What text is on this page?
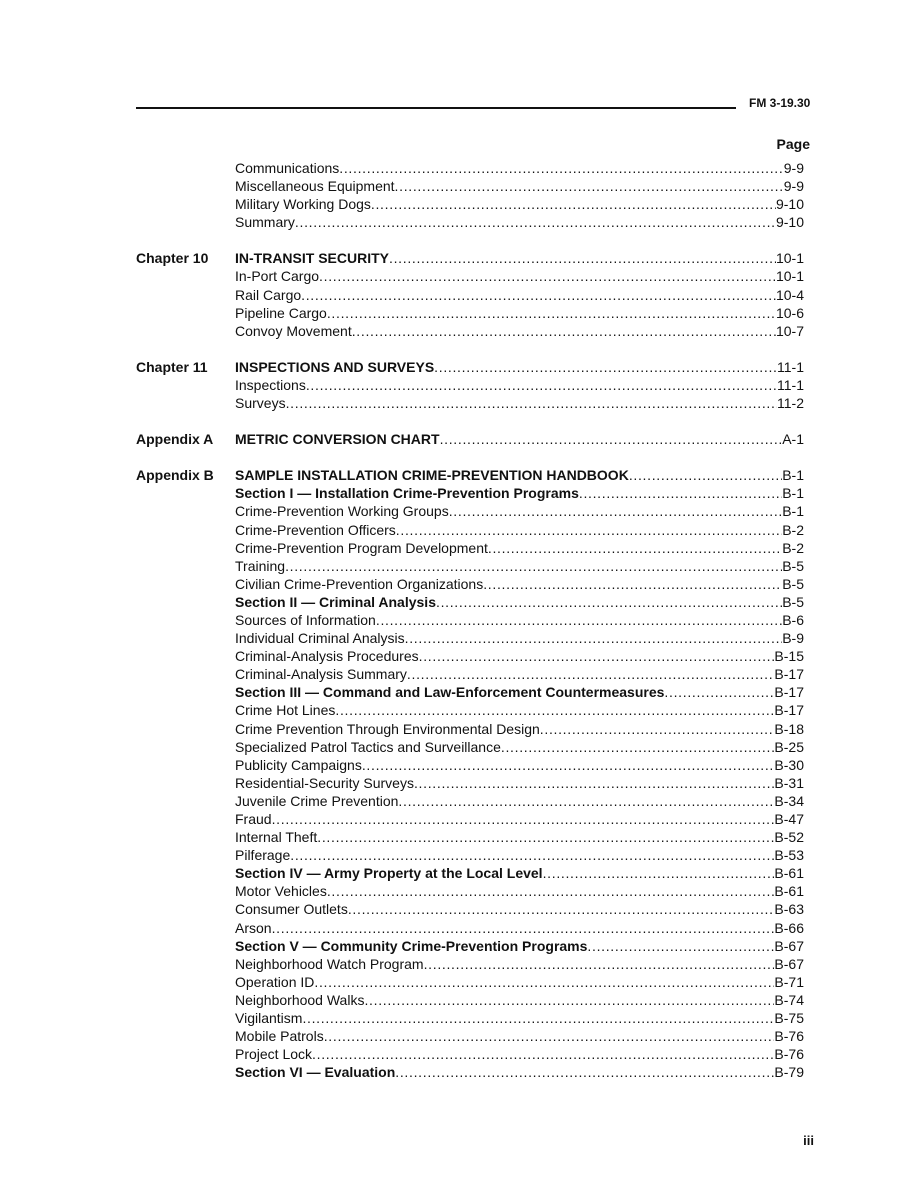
FM 3-19.30
Page
Communications . . .	9-9
Miscellaneous Equipment . . .	9-9
Military Working Dogs . . .	9-10
Summary . . .	9-10
Chapter 10	IN-TRANSIT SECURITY . . .	10-1
In-Port Cargo . . .	10-1
Rail Cargo . . .	10-4
Pipeline Cargo . . .	10-6
Convoy Movement . . .	10-7
Chapter 11	INSPECTIONS AND SURVEYS . . .	11-1
Inspections . . .	11-1
Surveys . . .	11-2
Appendix A	METRIC CONVERSION CHART . . .	A-1
Appendix B	SAMPLE INSTALLATION CRIME-PREVENTION HANDBOOK . . .	B-1
Section I — Installation Crime-Prevention Programs . . .	B-1
Crime-Prevention Working Groups . . .	B-1
Crime-Prevention Officers . . .	B-2
Crime-Prevention Program Development . . .	B-2
Training . . .	B-5
Civilian Crime-Prevention Organizations . . .	B-5
Section II — Criminal Analysis . . .	B-5
Sources of Information . . .	B-6
Individual Criminal Analysis . . .	B-9
Criminal-Analysis Procedures . . .	B-15
Criminal-Analysis Summary . . .	B-17
Section III — Command and Law-Enforcement Countermeasures . . .	B-17
Crime Hot Lines . . .	B-17
Crime Prevention Through Environmental Design . . .	B-18
Specialized Patrol Tactics and Surveillance . . .	B-25
Publicity Campaigns . . .	B-30
Residential-Security Surveys . . .	B-31
Juvenile Crime Prevention . . .	B-34
Fraud . . .	B-47
Internal Theft . . .	B-52
Pilferage . . .	B-53
Section IV — Army Property at the Local Level . . .	B-61
Motor Vehicles . . .	B-61
Consumer Outlets . . .	B-63
Arson . . .	B-66
Section V — Community Crime-Prevention Programs . . .	B-67
Neighborhood Watch Program . . .	B-67
Operation ID . . .	B-71
Neighborhood Walks . . .	B-74
Vigilantism . . .	B-75
Mobile Patrols . . .	B-76
Project Lock . . .	B-76
Section VI — Evaluation . . .	B-79
iii
